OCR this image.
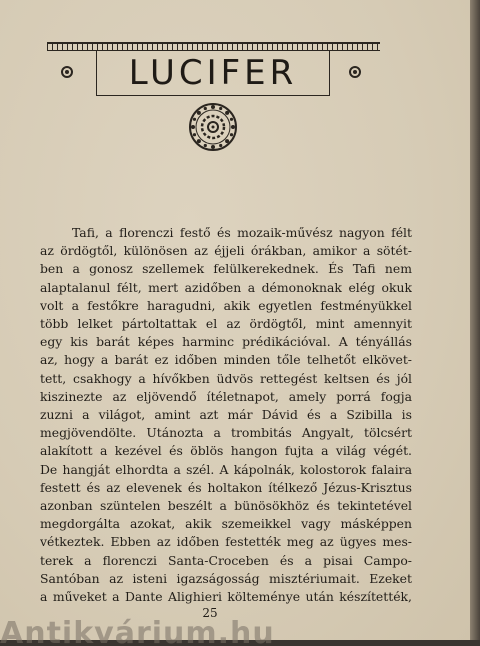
LUCIFER
Tafi, a florenczi festő és mozaik-művész nagyon félt
az ördögtől, különösen az éjjeli órákban, amikor a sötét-
ben a gonosz szellemek felülkerekednek. És Tafi nem
alaptalanul félt, mert azidőben a démonoknak elég okuk
volt a festőkre haragudni, akik egyetlen festményükkel
több lelket pártoltattak el az ördögtől, mint amennyit
egy kis barát képes harminc prédikációval. A tényállás
az, hogy a barát ez időben minden tőle telhetőt elkövet-
tett, csakhogy a hívőkben üdvös rettegést keltsen és jól
kiszinezte az eljövendő ítéletnapot, amely porrá fogja
zuzni a világot, amint azt már Dávid és a Szibilla is
megjövendölte. Utánozta a trombitás Angyalt, tölcsért
alakított a kezével és öblös hangon fujta a világ végét.
De hangját elhordta a szél. A kápolnák, kolostorok falaira
festett és az elevenek és holtakon ítélkező Jézus-Krisztus
azonban szüntelen beszélt a bünösökhöz és tekintetével
megdorgálta azokat, akik szemeikkel vagy másképpen
vétkeztek. Ebben az időben festették meg az ügyes mes-
terek a florenczi Santa-Croceben és a pisai Campo-
Santóban az isteni igazságosság misztériumait. Ezeket
a műveket a Dante Alighieri költeménye után készítették,
25
Antikvárium.hu
